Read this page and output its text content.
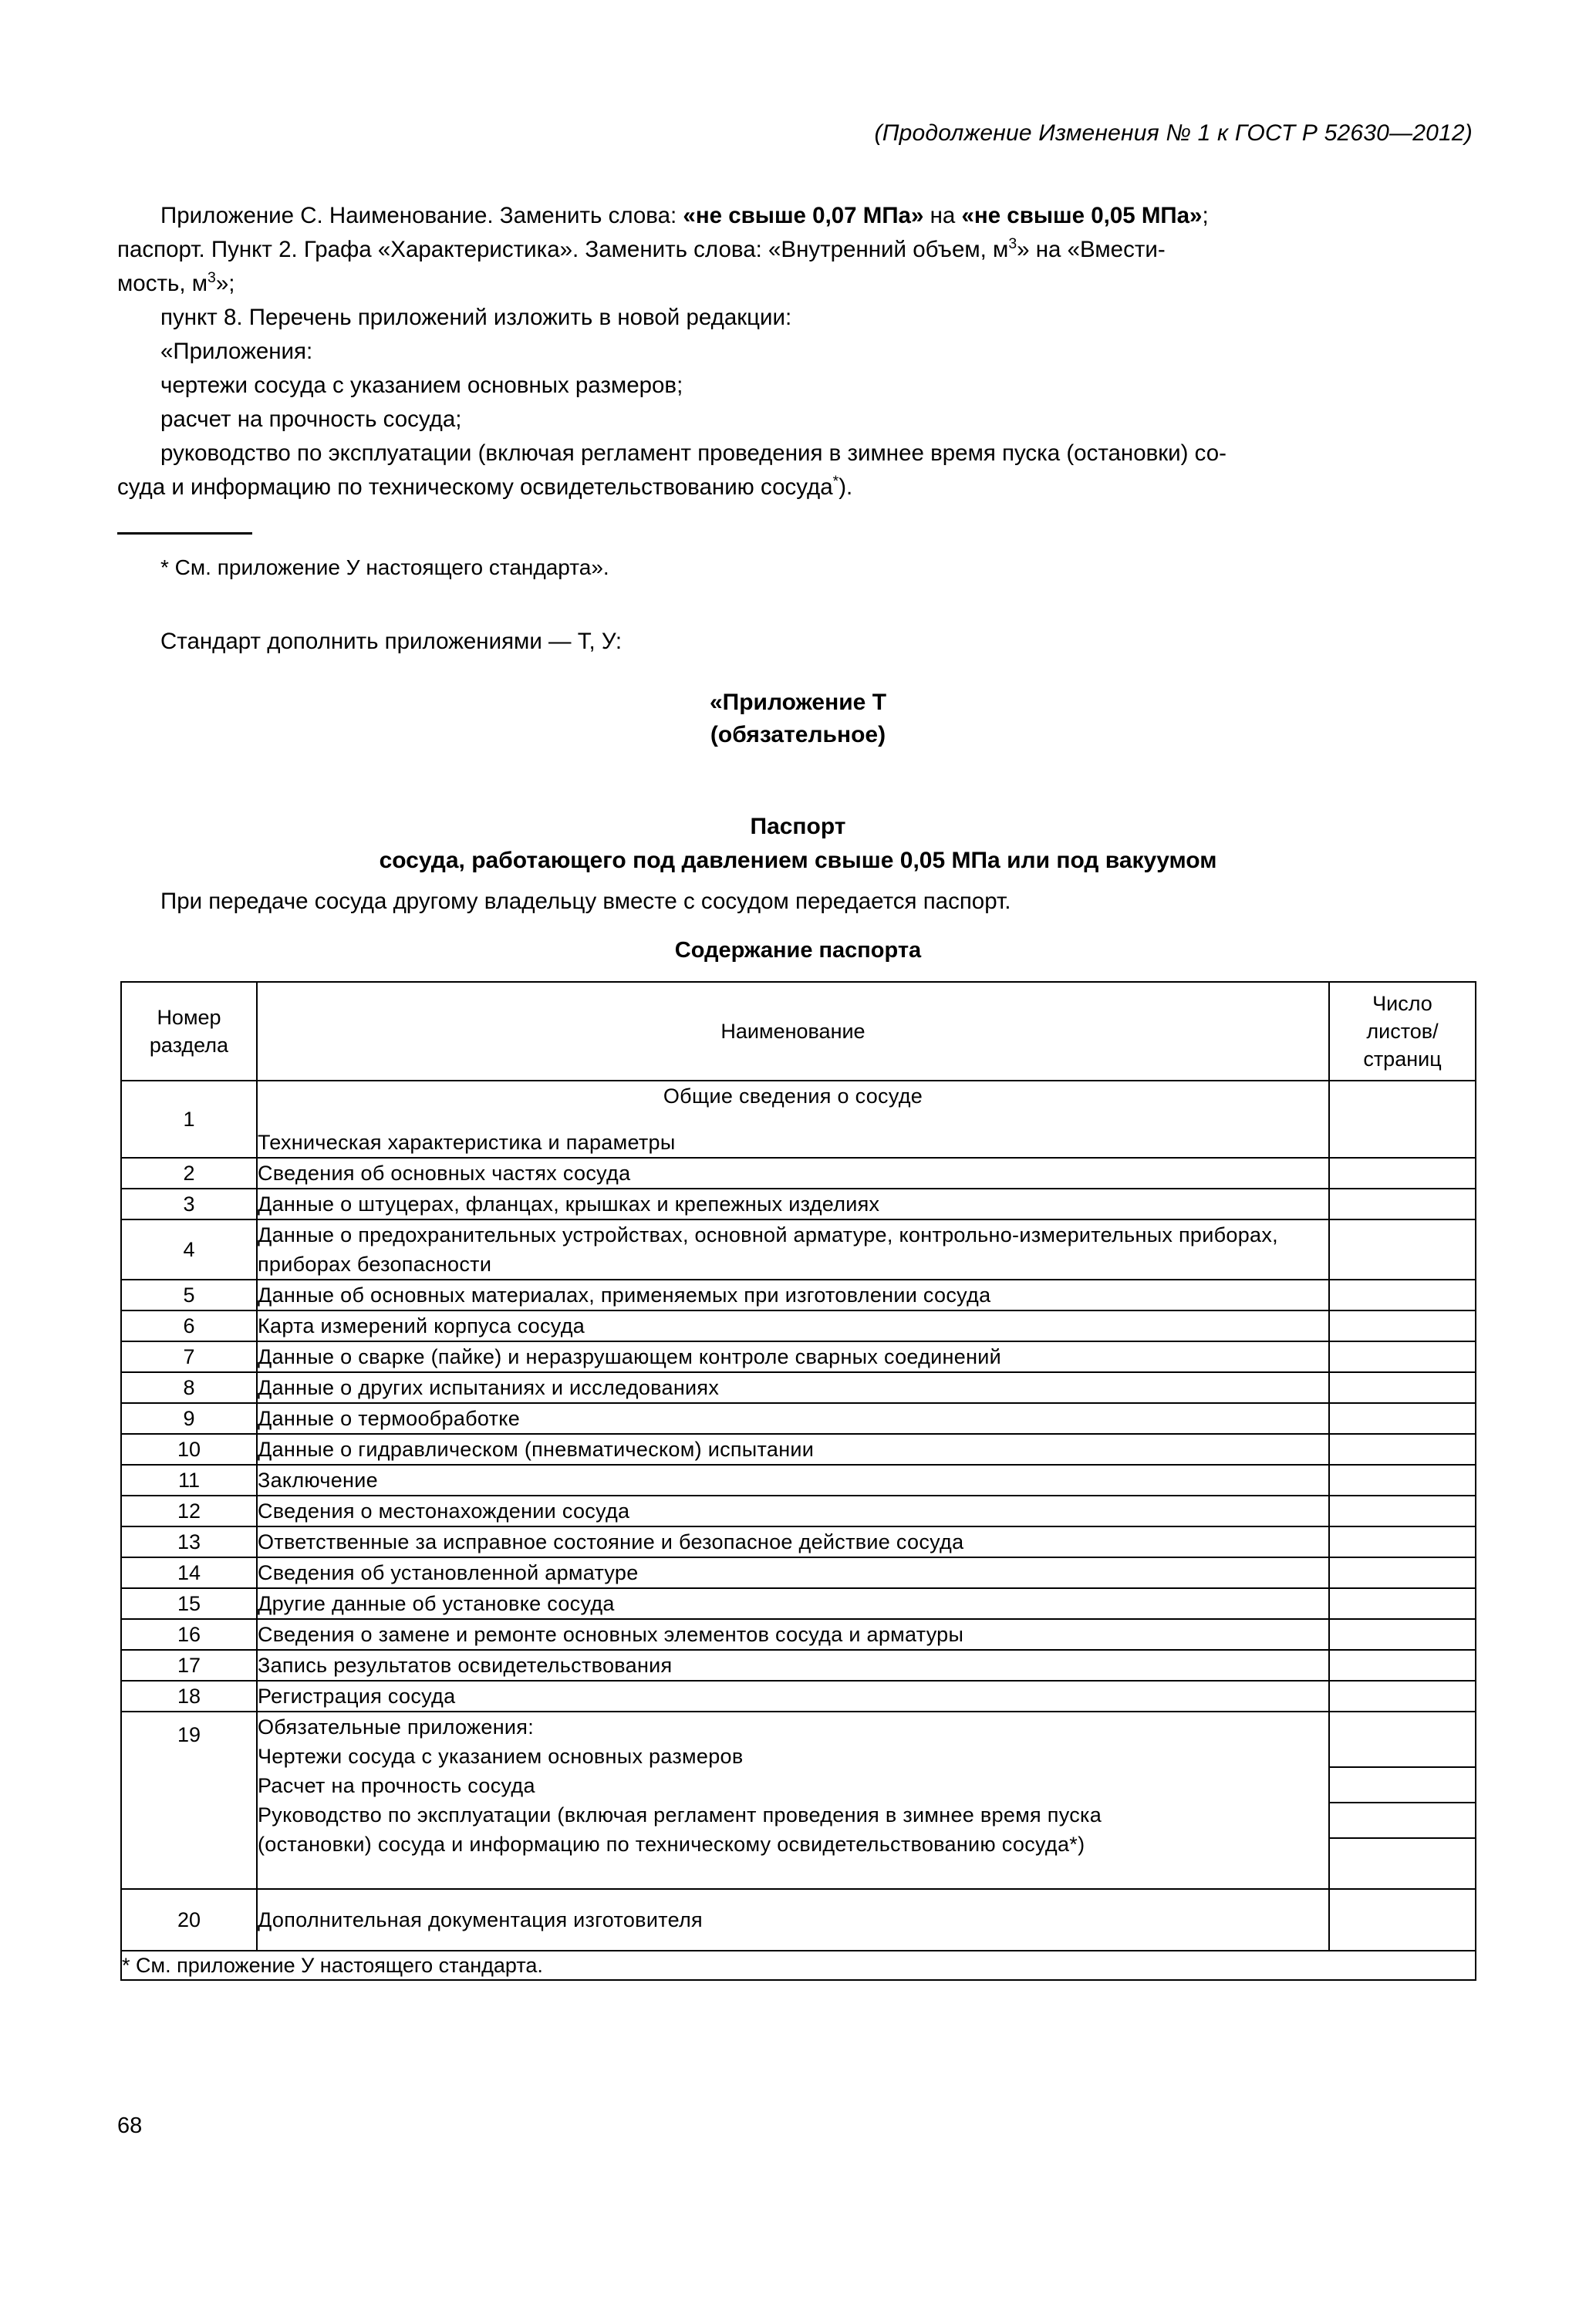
(Продолжение Изменения № 1 к ГОСТ Р 52630—2012)

Приложение С. Наименование. Заменить слова: «не свыше 0,07 МПа» на «не свыше 0,05 МПа»;

паспорт. Пункт 2. Графа «Характеристика». Заменить слова: «Внутренний объем, $м^3$» на «Вмести-

мость, $м^3$»;

пункт 8. Перечень приложений изложить в новой редакции:

«Приложения:

чертежи сосуда с указанием основных размеров;

расчет на прочность сосуда;

руководство по эксплуатации (включая регламент проведения в зимнее время пуска (остановки) со-

суда и информацию по техническому освидетельствованию сосуда*).

* См. приложение У настоящего стандарта».
Стандарт дополнить приложениями — Т, У:
«Приложение Т
(обязательное)
Паспорт
сосуда, работающего под давлением свыше 0,05 МПа или под вакуумом
При передаче сосуда другому владельцу вместе с сосудом передается паспорт.
Содержание паспорта
Номер
раздела

Наименование

Число
листов/
страниц

1	Общие сведения о сосуде
Техническая характеристика и параметры	

2	Сведения об основных частях сосуда	
3	Данные о штуцерах, фланцах, крышках и крепежных изделиях	
4	Данные о предохранительных устройствах, основной арматуре, контрольно-измерительных приборах, приборах безопасности	
5	Данные об основных материалах, применяемых при изготовлении сосуда	
6	Карта измерений корпуса сосуда	
7	Данные о сварке (пайке) и неразрушающем контроле сварных соединений	
8	Данные о других испытаниях и исследованиях	
9	Данные о термообработке	
10	Данные о гидравлическом (пневматическом) испытании	
11	Заключение	
12	Сведения о местонахождении сосуда	
13	Ответственные за исправное состояние и безопасное действие сосуда	
14	Сведения об установленной арматуре	
15	Другие данные об установке сосуда	
16	Сведения о замене и ремонте основных элементов сосуда и арматуры	
17	Запись результатов освидетельствования	
18	Регистрация сосуда	
19	Обязательные приложения:
Чертежи сосуда с указанием основных размеров
Расчет на прочность сосуда
Руководство по эксплуатации (включая регламент проведения в зимнее время пуска
(остановки) сосуда и информацию по техническому освидетельствованию сосуда*)	

20	Дополнительная документация изготовителя	
* См. приложение У настоящего стандарта.		
68
